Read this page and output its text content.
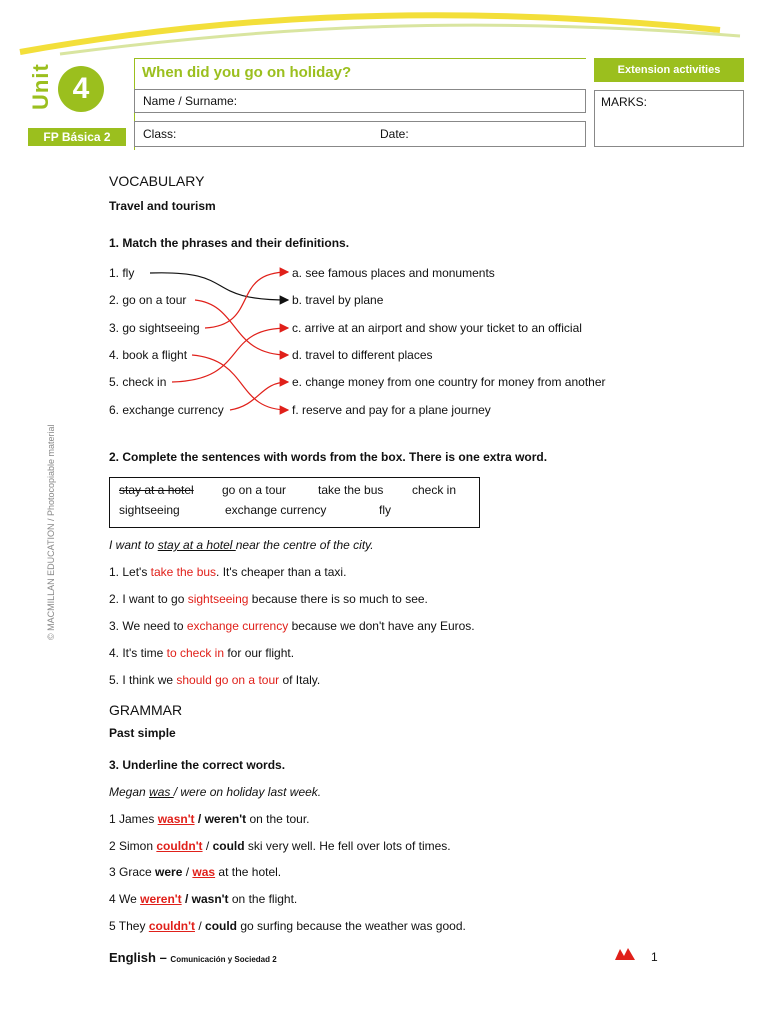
Unit 4
FP Básica 2
When did you go on holiday?
Name / Surname:
Class:	Date:
Extension activities
MARKS:
© MACMILLAN EDUCATION / Photocopiable material
VOCABULARY
Travel and tourism
1. Match the phrases and their definitions.
1. fly
2. go on a tour
3. go sightseeing
4. book a flight
5. check in
6. exchange currency
a. see famous places and monuments
b. travel by plane
c. arrive at an airport and show your ticket to an official
d. travel to different places
e. change money from one country for money from another
f. reserve and pay for a plane journey
2. Complete the sentences with words from the box. There is one extra word.
stay at a hotel go on a tour	take the bus check in
sightseeing	exchange currency	fly
I want to stay at a hotel near the centre of the city.
1. Let's take the bus. It's cheaper than a taxi.
2. I want to go sightseeing because there is so much to see.
3. We need to exchange currency because we don't have any Euros.
4. It's time to check in for our flight.
5. I think we should go on a tour of Italy.
GRAMMAR
Past simple
3. Underline the correct words.
Megan was / were on holiday last week.
1 James wasn't / weren't on the tour.
2 Simon couldn't / could ski very well. He fell over lots of times.
3 Grace were / was at the hotel.
4 We weren't / wasn't on the flight.
5 They couldn't / could go surfing because the weather was good.
English – Comunicación y Sociedad 2	1
